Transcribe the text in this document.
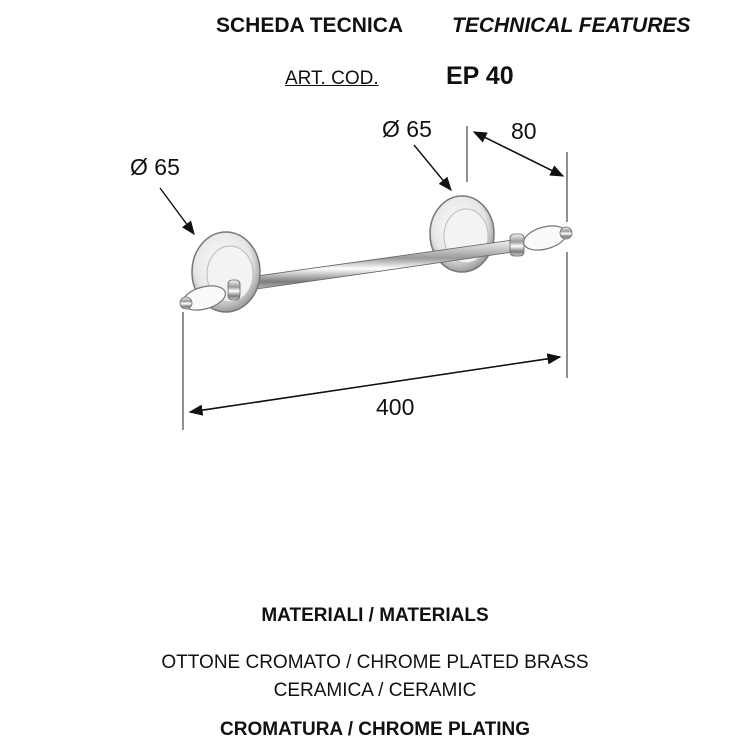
SCHEDA TECNICA TECHNICAL FEATURES
ART. COD.	EP 40
Ø 65
Ø 65	80
400
MATERIALI / MATERIALS
OTTONE CROMATO / CHROME PLATED BRASS
CERAMICA / CERAMIC
CROMATURA / CHROME PLATING
